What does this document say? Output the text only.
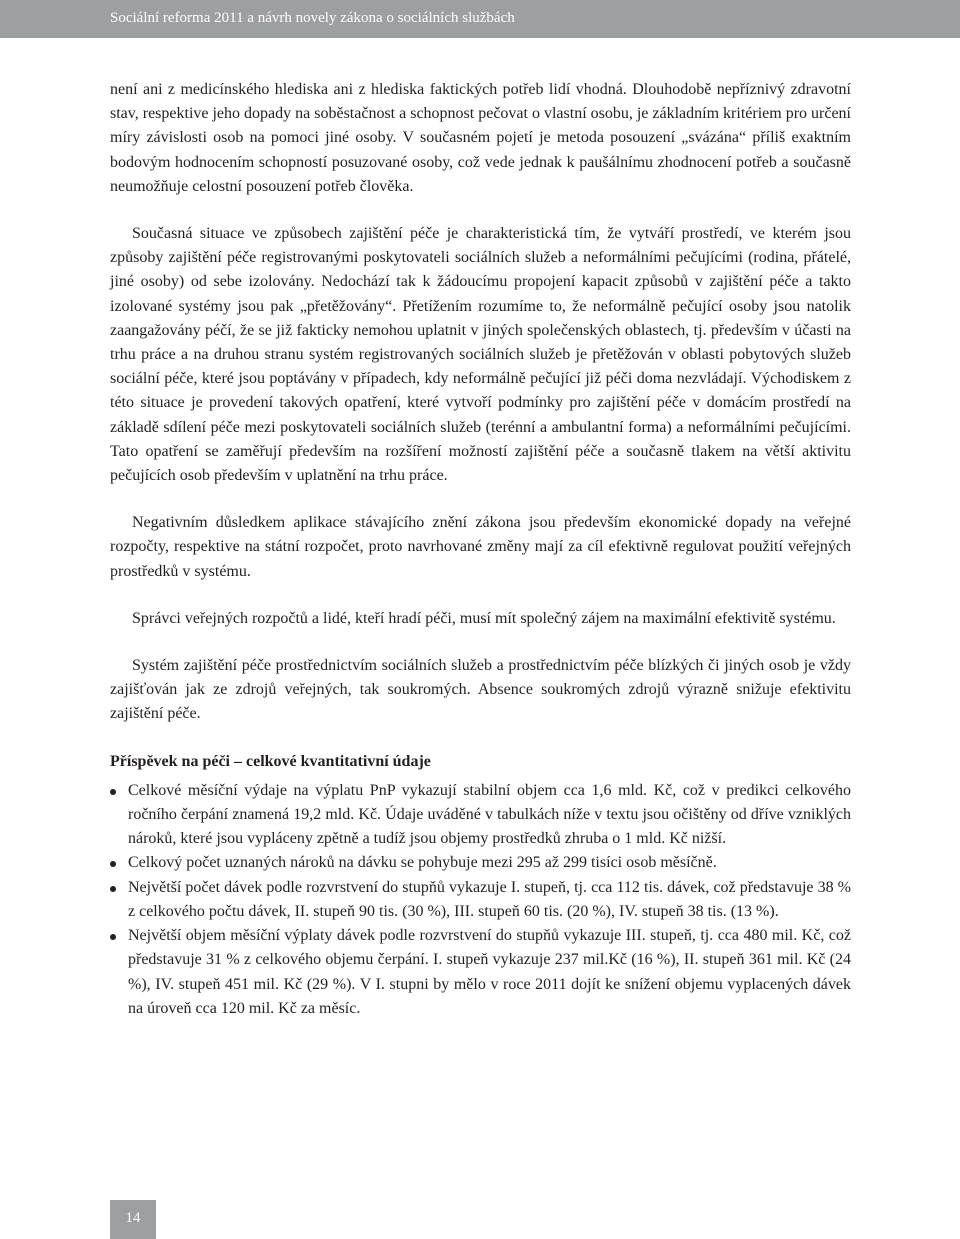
Sociální reforma 2011 a návrh novely zákona o sociálních službách

není ani z medicínského hlediska ani z hlediska faktických potřeb lidí vhodná. Dlouhodobě nepříznivý zdravotní stav, respektive jeho dopady na soběstačnost a schopnost pečovat o vlastní osobu, je základním kritériem pro určení míry závislosti osob na pomoci jiné osoby. V současném pojetí je metoda posouzení „svázána“ příliš exaktním bodovým hodnocením schopností posuzované osoby, což vede jednak k paušálnímu zhodnocení potřeb a současně neumožňuje celostní posouzení potřeb člověka.

Současná situace ve způsobech zajištění péče je charakteristická tím, že vytváří prostředí, ve kterém jsou způsoby zajištění péče registrovanými poskytovateli sociálních služeb a neformálními pečujícími (rodina, přátelé, jiné osoby) od sebe izolovány. Nedochází tak k žádoucímu propojení kapacit způsobů v zajištění péče a takto izolované systémy jsou pak „přetěžovány“. Přetížením rozumíme to, že neformálně pečující osoby jsou natolik zaangažovány péčí, že se již fakticky nemohou uplatnit v jiných společenských oblastech, tj. především v účasti na trhu práce a na druhou stranu systém registrovaných sociálních služeb je přetěžován v oblasti pobytových služeb sociální péče, které jsou poptávány v případech, kdy neformálně pečující již péči doma nezvládají. Východiskem z této situace je provedení takových opatření, které vytvoří podmínky pro zajištění péče v domácím prostředí na základě sdílení péče mezi poskytovateli sociálních služeb (terénní a ambulantní forma) a neformálními pečujícími. Tato opatření se zaměřují především na rozšíření možností zajištění péče a současně tlakem na větší aktivitu pečujících osob především v uplatnění na trhu práce.

Negativním důsledkem aplikace stávajícího znění zákona jsou především ekonomické dopady na veřejné rozpočty, respektive na státní rozpočet, proto navrhované změny mají za cíl efektivně regulovat použití veřejných prostředků v systému.

Správci veřejných rozpočtů a lidé, kteří hradí péči, musí mít společný zájem na maximální efektivitě systému.

Systém zajištění péče prostřednictvím sociálních služeb a prostřednictvím péče blízkých či jiných osob je vždy zajišťován jak ze zdrojů veřejných, tak soukromých. Absence soukromých zdrojů výrazně snižuje efektivitu zajištění péče.

Příspěvek na péči – celkové kvantitativní údaje
Celkové měsíční výdaje na výplatu PnP vykazují stabilní objem cca 1,6 mld. Kč, což v predikci celkového ročního čerpání znamená 19,2 mld. Kč. Údaje uváděné v tabulkách níže v textu jsou očištěny od dříve vzniklých nároků, které jsou vypláceny zpětně a tudíž jsou objemy prostředků zhruba o 1 mld. Kč nižší.
Celkový počet uznaných nároků na dávku se pohybuje mezi 295 až 299 tisíci osob měsíčně.
Největší počet dávek podle rozvrstvení do stupňů vykazuje I. stupeň, tj. cca 112 tis. dávek, což představuje 38 % z celkového počtu dávek, II. stupeň 90 tis. (30 %), III. stupeň 60 tis. (20 %), IV. stupeň 38 tis. (13 %).
Největší objem měsíční výplaty dávek podle rozvrstvení do stupňů vykazuje III. stupeň, tj. cca 480 mil. Kč, což představuje 31 % z celkového objemu čerpání. I. stupeň vykazuje 237 mil.Kč (16 %), II. stupeň 361 mil. Kč (24 %), IV. stupeň 451 mil. Kč (29 %). V I. stupni by mělo v roce 2011 dojít ke snížení objemu vyplacených dávek na úroveň cca 120 mil. Kč za měsíc.
14
